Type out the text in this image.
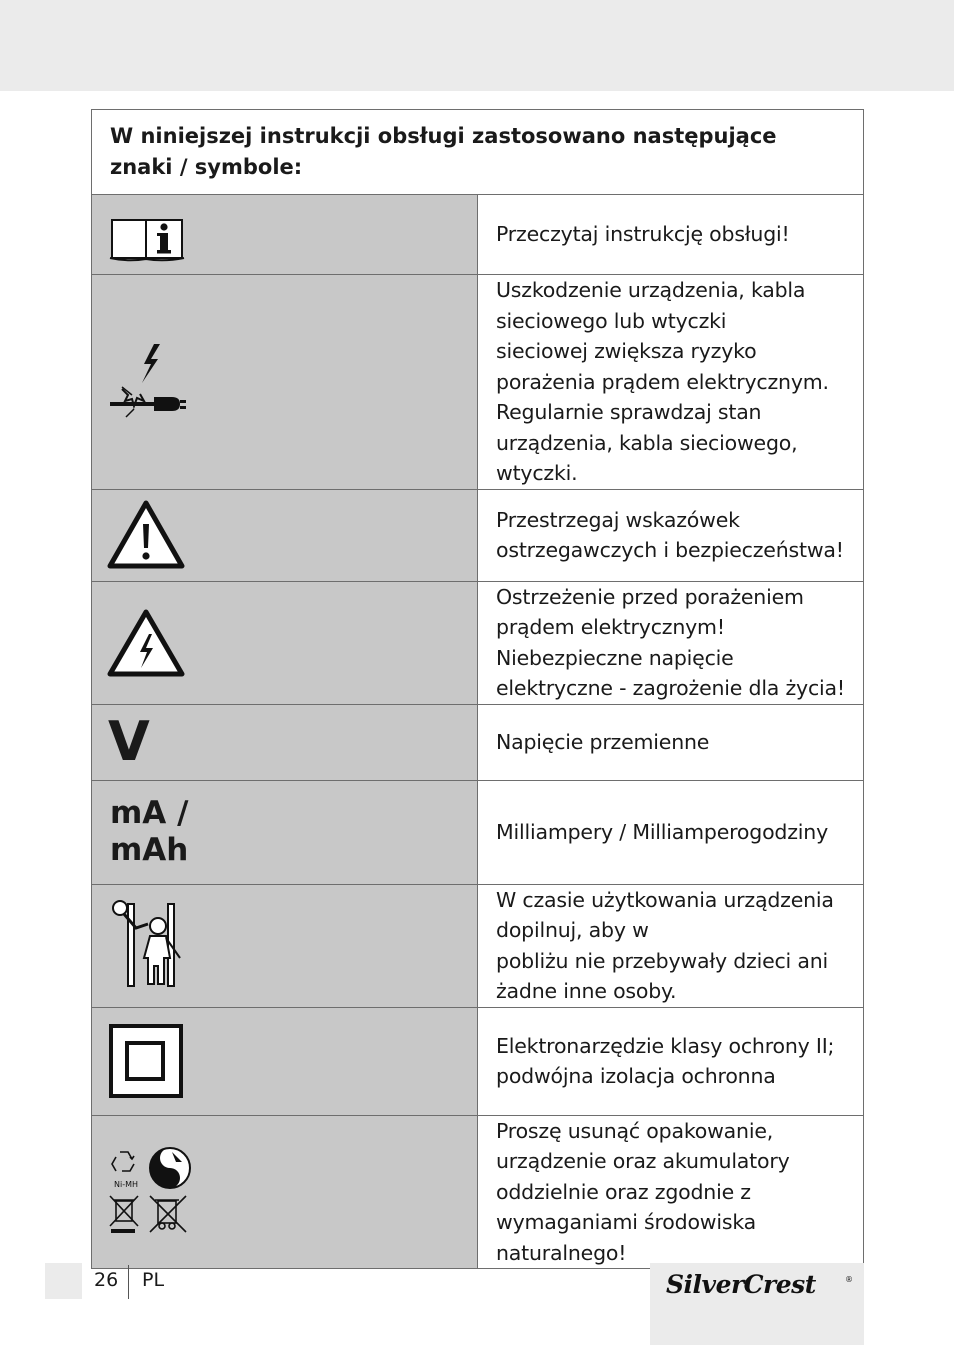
W niniejszej instrukcji obsługi zastosowano następujące
znaki / symbole:	

Przeczytaj instrukcję obsługi!

Uszkodzenie urządzenia, kabla sieciowego lub wtyczki
sieciowej zwiększa ryzyko porażenia prądem elektrycznym.
Regularnie sprawdzaj stan urządzenia, kabla sieciowego,
wtyczki.

Przestrzegaj wskazówek ostrzegawczych i bezpieczeństwa!

Ostrzeżenie przed porażeniem prądem elektrycznym!
Niebezpieczne napięcie elektryczne - zagrożenie dla życia!

V	Napięcie przemienne

mA /
mAh	Milliampery / Milliamperogodziny

W czasie użytkowania urządzenia dopilnuj, aby w
pobliżu nie przebywały dzieci ani żadne inne osoby.

Elektronarzędzie klasy ochrony II; podwójna izolacja ochronna

Ni-MH	Proszę usunąć opakowanie, urządzenie oraz akumulatory
oddzielnie oraz zgodnie z wymaganiami środowiska naturalnego!
26 PL	SilverCrest	®
